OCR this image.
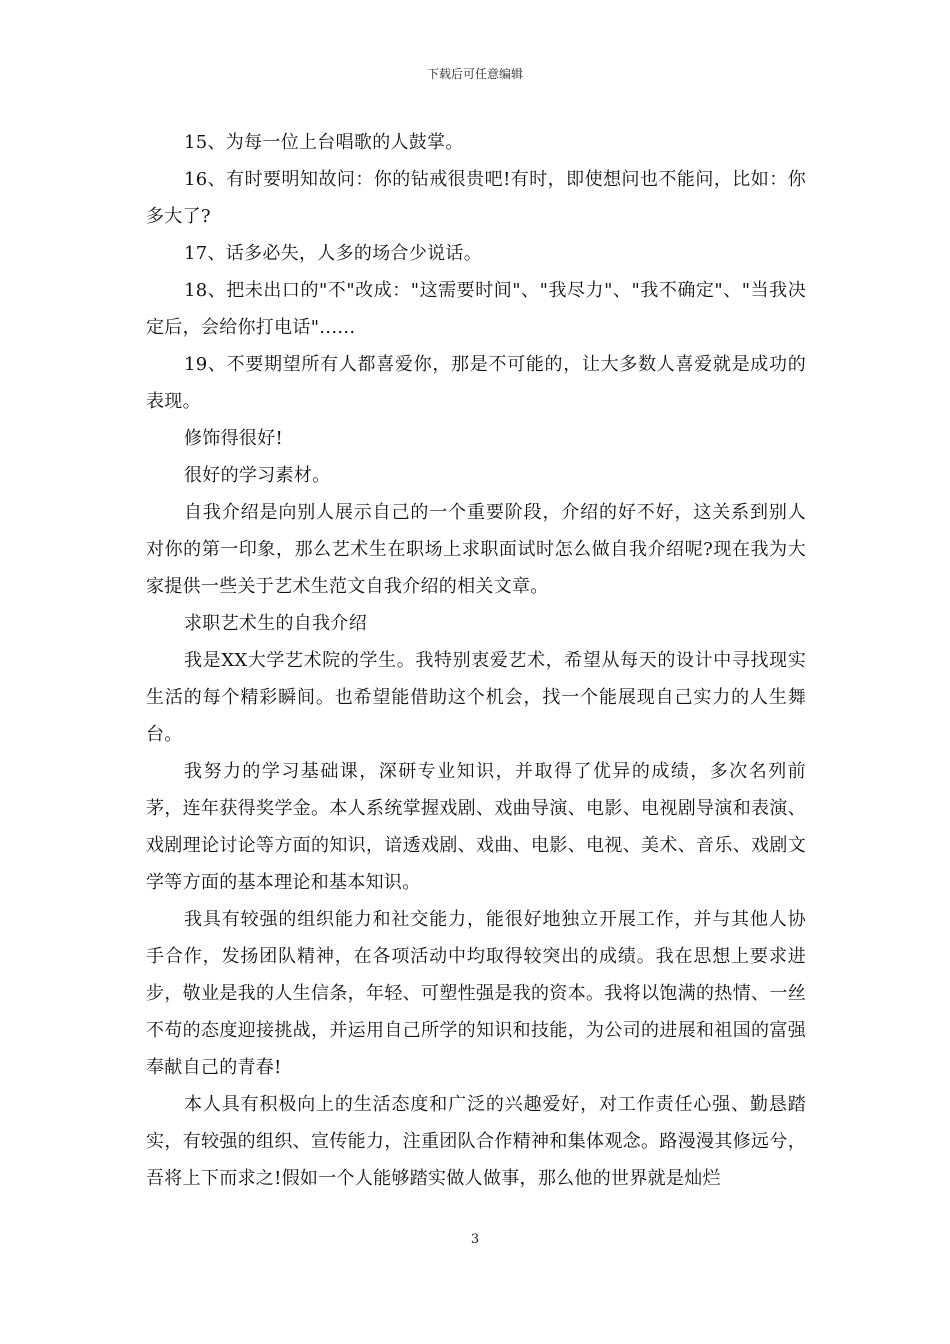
下载后可任意编辑

15、为每一位上台唱歌的人鼓掌。

16、有时要明知故问：你的钻戒很贵吧!有时，即使想问也不能问，比如：你多大了?

17、话多必失，人多的场合少说话。

18、把未出口的"不"改成："这需要时间"、"我尽力"、"我不确定"、"当我决定后，会给你打电话"......

19、不要期望所有人都喜爱你，那是不可能的，让大多数人喜爱就是成功的表现。

修饰得很好!

很好的学习素材。

自我介绍是向别人展示自己的一个重要阶段，介绍的好不好，这关系到别人对你的第一印象，那么艺术生在职场上求职面试时怎么做自我介绍呢?现在我为大家提供一些关于艺术生范文自我介绍的相关文章。

求职艺术生的自我介绍

我是XX大学艺术院的学生。我特别衷爱艺术，希望从每天的设计中寻找现实生活的每个精彩瞬间。也希望能借助这个机会，找一个能展现自己实力的人生舞台。

我努力的学习基础课，深研专业知识，并取得了优异的成绩，多次名列前茅，连年获得奖学金。本人系统掌握戏剧、戏曲导演、电影、电视剧导演和表演、戏剧理论讨论等方面的知识，谙透戏剧、戏曲、电影、电视、美术、音乐、戏剧文学等方面的基本理论和基本知识。

我具有较强的组织能力和社交能力，能很好地独立开展工作，并与其他人协手合作，发扬团队精神，在各项活动中均取得较突出的成绩。我在思想上要求进步，敬业是我的人生信条，年轻、可塑性强是我的资本。我将以饱满的热情、一丝不苟的态度迎接挑战，并运用自己所学的知识和技能，为公司的进展和祖国的富强奉献自己的青春!

本人具有积极向上的生活态度和广泛的兴趣爱好，对工作责任心强、勤恳踏实，有较强的组织、宣传能力，注重团队合作精神和集体观念。路漫漫其修远兮，吾将上下而求之!假如一个人能够踏实做人做事，那么他的世界就是灿烂

3
